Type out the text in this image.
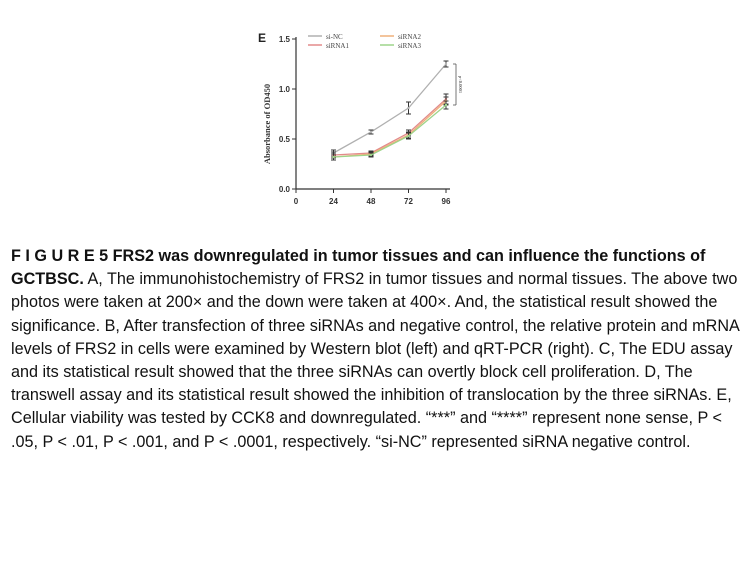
E
0.0
0.5
1.0
1.5
0	24	48	72	96
Absorbance of OD450
si-NC
siRNA1
siRNA2
siRNA3
p<0.0001
F I G U R E 5 FRS2 was downregulated in tumor tissues and can influence the functions of GCTBSC. A, The immunohistochemistry of FRS2 in tumor tissues and normal tissues. The above two photos were taken at 200× and the down were taken at 400×. And, the statistical result showed the significance. B, After transfection of three siRNAs and negative control, the relative protein and mRNA levels of FRS2 in cells were examined by Western blot (left) and qRT-PCR (right). C, The EDU assay and its statistical result showed that the three siRNAs can overtly block cell proliferation. D, The transwell assay and its statistical result showed the inhibition of translocation by the three siRNAs. E, Cellular viability was tested by CCK8 and downregulated. “***” and “****” represent none sense, P < .05, P < .01, P < .001, and P < .0001, respectively. “si-NC” represented siRNA negative control.
